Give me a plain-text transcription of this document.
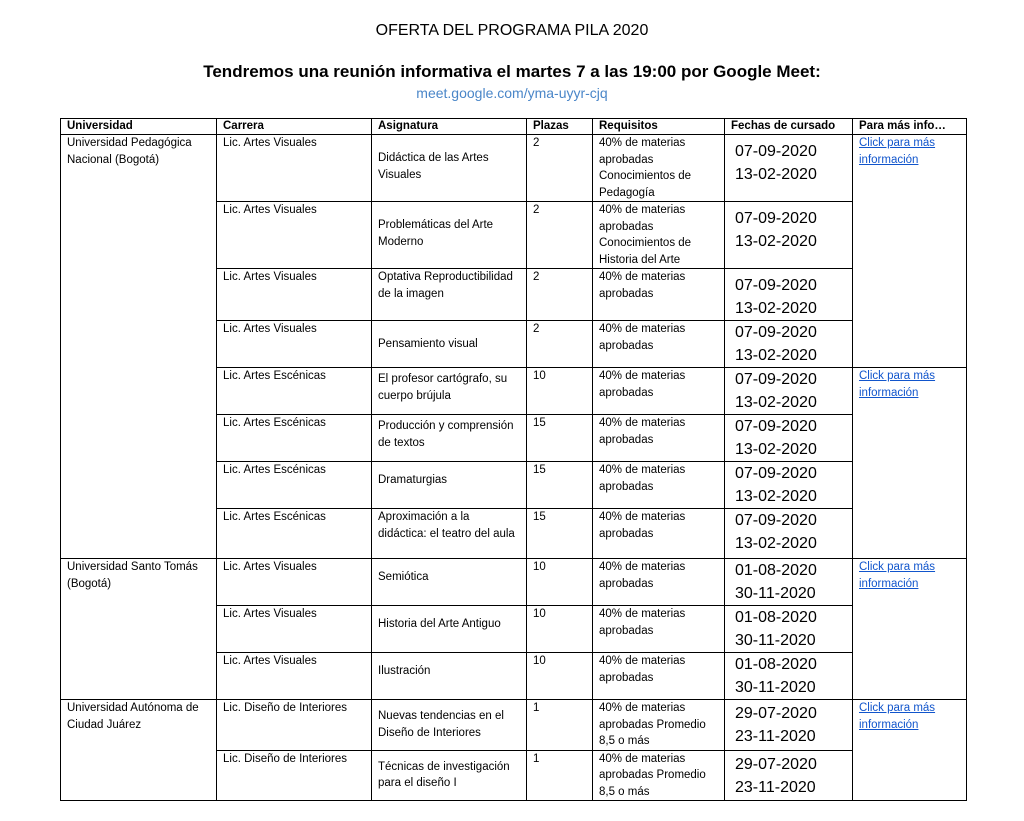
OFERTA DEL PROGRAMA PILA 2020
Tendremos una reunión informativa el martes 7 a las 19:00 por Google Meet:
meet.google.com/yma-uyyr-cjq
Universidad	Carrera	Asignatura	Plazas	Requisitos	Fechas de cursado	Para más info…
Universidad Pedagógica Nacional (Bogotá)	Lic. Artes Visuales	Didáctica de las Artes Visuales	2	40% de materias aprobadas Conocimientos de Pedagogía	07-09-2020
13-02-2020	Click para más información
	Lic. Artes Visuales	Problemáticas del Arte Moderno	2	40% de materias aprobadas Conocimientos de Historia del Arte	07-09-2020
13-02-2020	

	Lic. Artes Visuales	Optativa Reproductibilidad de la imagen	2	40% de materias aprobadas	07-09-2020
13-02-2020	

	Lic. Artes Visuales	Pensamiento visual	2	40% de materias aprobadas	07-09-2020
13-02-2020	

	Lic. Artes Escénicas	El profesor cartógrafo, su cuerpo brújula	10	40% de materias aprobadas	07-09-2020
13-02-2020	Click para más información
	Lic. Artes Escénicas	Producción y comprensión de textos	15	40% de materias aprobadas	07-09-2020
13-02-2020	

	Lic. Artes Escénicas	Dramaturgias	15	40% de materias aprobadas	07-09-2020
13-02-2020	

	Lic. Artes Escénicas	Aproximación a la didáctica: el teatro del aula	15	40% de materias aprobadas	07-09-2020
13-02-2020	

Universidad Santo Tomás (Bogotá)	Lic. Artes Visuales	Semiótica	10	40% de materias aprobadas	01-08-2020
30-11-2020	Click para más información
	Lic. Artes Visuales	Historia del Arte Antiguo	10	40% de materias aprobadas	01-08-2020
30-11-2020	

	Lic. Artes Visuales	Ilustración	10	40% de materias aprobadas	01-08-2020
30-11-2020	

Universidad Autónoma de Ciudad Juárez	Lic. Diseño de Interiores	Nuevas tendencias en el Diseño de Interiores	1	40% de materias aprobadas Promedio 8,5 o más	29-07-2020
23-11-2020	Click para más información
	Lic. Diseño de Interiores	Técnicas de investigación para el diseño I	1	40% de materias aprobadas Promedio 8,5 o más	29-07-2020
23-11-2020	
